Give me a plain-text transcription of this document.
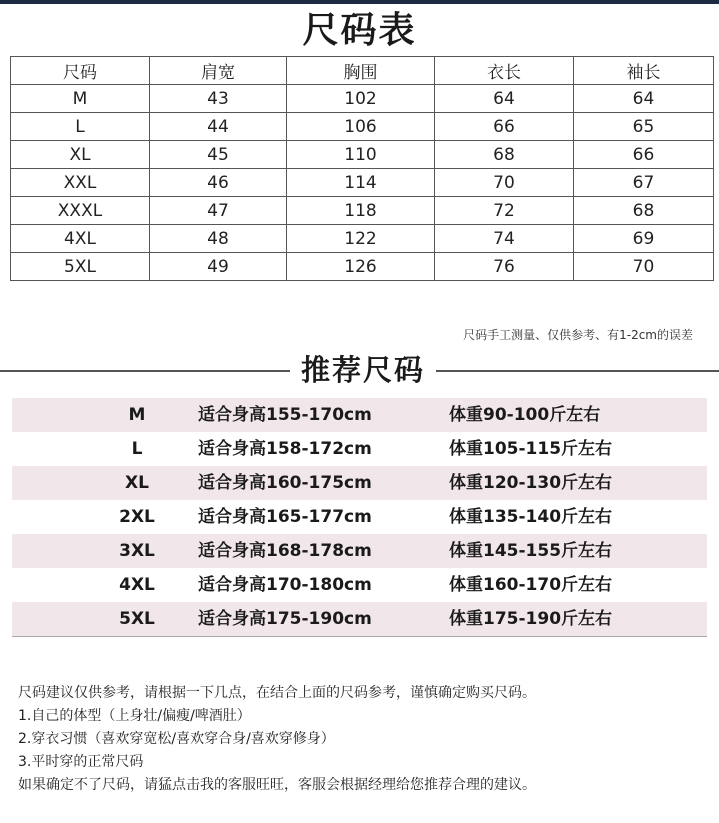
尺码表
尺码	肩宽	胸围	衣长	袖长
M	43	102	64	64
L	44	106	66	65
XL	45	110	68	66
XXL	46	114	70	67
XXXL	47	118	72	68
4XL	48	122	74	69
5XL	49	126	76	70
尺码手工测量、仅供参考、有1-2cm的误差
推荐尺码
M	适合身高155-170cm	体重90-100斤左右
L	适合身高158-172cm	体重105-115斤左右
XL	适合身高160-175cm	体重120-130斤左右
2XL	适合身高165-177cm	体重135-140斤左右
3XL	适合身高168-178cm	体重145-155斤左右
4XL	适合身高170-180cm	体重160-170斤左右
5XL	适合身高175-190cm	体重175-190斤左右
尺码建议仅供参考，请根据一下几点，在结合上面的尺码参考，谨慎确定购买尺码。
1.自己的体型（上身壮/偏瘦/啤酒肚）
2.穿衣习惯（喜欢穿宽松/喜欢穿合身/喜欢穿修身）
3.平时穿的正常尺码
如果确定不了尺码，请猛点击我的客服旺旺，客服会根据经理给您推荐合理的建议。
